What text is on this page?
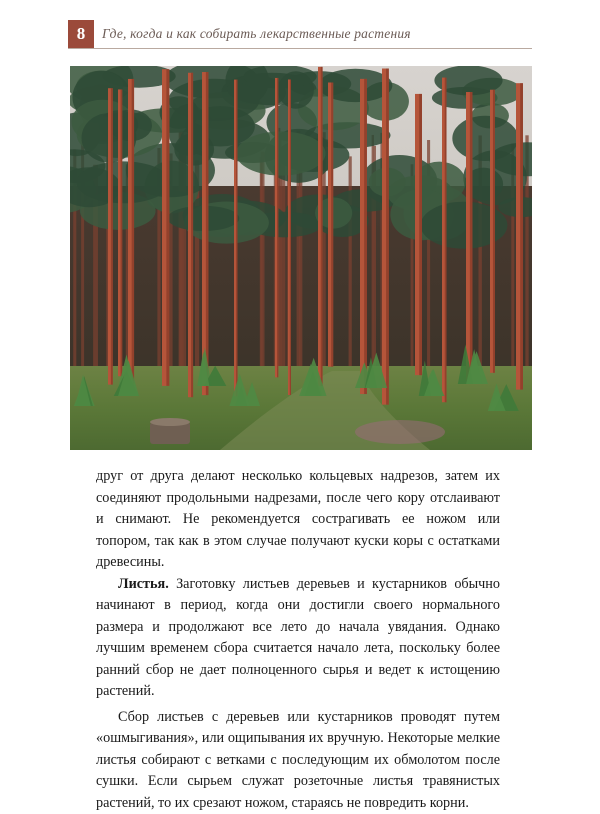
8	Где, когда и как собирать лекарственные растения

друг от друга делают несколько кольцевых надрезов, затем их соединяют продольными надрезами, после чего кору отслаивают и снимают. Не рекомендуется сострагивать ее ножом или топором, так как в этом случае получают куски коры с остатками древесины.

Листья. Заготовку листьев деревьев и кустарников обычно начинают в период, когда они достигли своего нормального размера и продолжают все лето до начала увядания. Однако лучшим временем сбора считается начало лета, поскольку более ранний сбор не дает полноценного сырья и ведет к истощению растений.

Сбор листьев с деревьев или кустарников проводят путем «ошмыгивания», или ощипывания их вручную. Некоторые мелкие листья собирают с ветками с последующим их обмолотом после сушки. Если сырьем служат розеточные листья травянистых растений, то их срезают ножом, стараясь не повредить корни.
